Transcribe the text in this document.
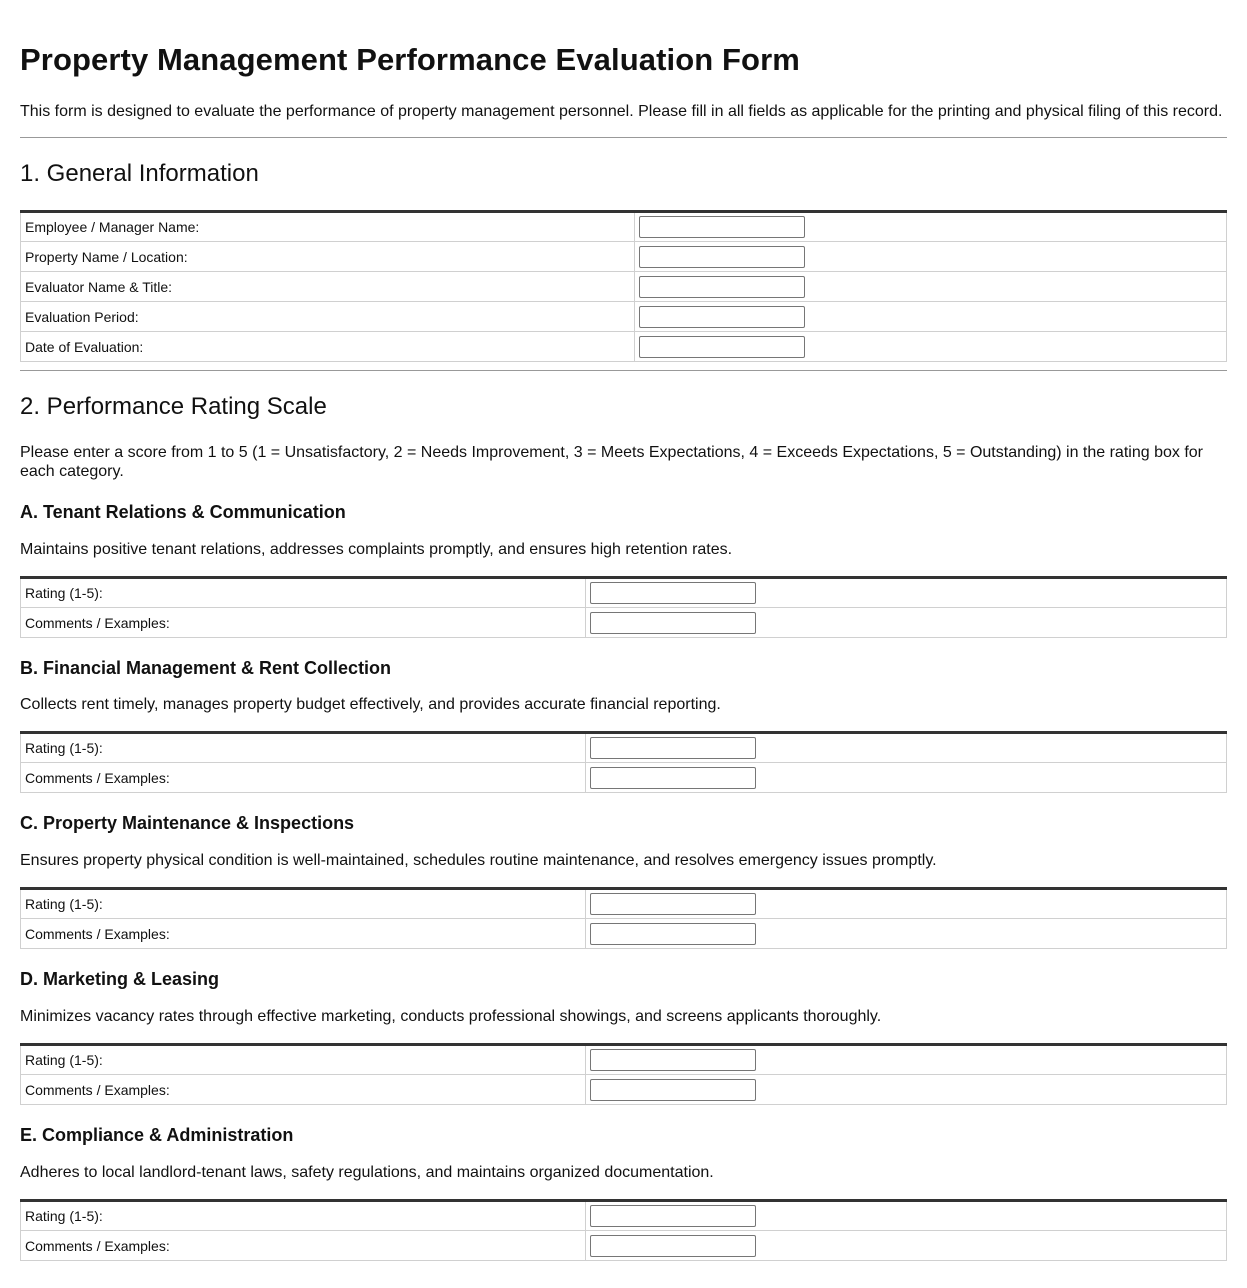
Property Management Performance Evaluation Form

This form is designed to evaluate the performance of property management personnel. Please fill in all fields as applicable for the printing and physical filing of this record.

1. General Information
Employee / Manager Name:	
Property Name / Location:	
Evaluator Name & Title:	
Evaluation Period:	
Date of Evaluation:	
2. Performance Rating Scale

Please enter a score from 1 to 5 (1 = Unsatisfactory, 2 = Needs Improvement, 3 = Meets Expectations, 4 = Exceeds Expectations, 5 = Outstanding) in the rating box for each category.

A. Tenant Relations & Communication

Maintains positive tenant relations, addresses complaints promptly, and ensures high retention rates.

Rating (1-5):	
Comments / Examples:	
B. Financial Management & Rent Collection

Collects rent timely, manages property budget effectively, and provides accurate financial reporting.

Rating (1-5):	
Comments / Examples:	
C. Property Maintenance & Inspections

Ensures property physical condition is well-maintained, schedules routine maintenance, and resolves emergency issues promptly.

Rating (1-5):	
Comments / Examples:	
D. Marketing & Leasing

Minimizes vacancy rates through effective marketing, conducts professional showings, and screens applicants thoroughly.

Rating (1-5):	
Comments / Examples:	
E. Compliance & Administration

Adheres to local landlord-tenant laws, safety regulations, and maintains organized documentation.

Rating (1-5):	
Comments / Examples:	
